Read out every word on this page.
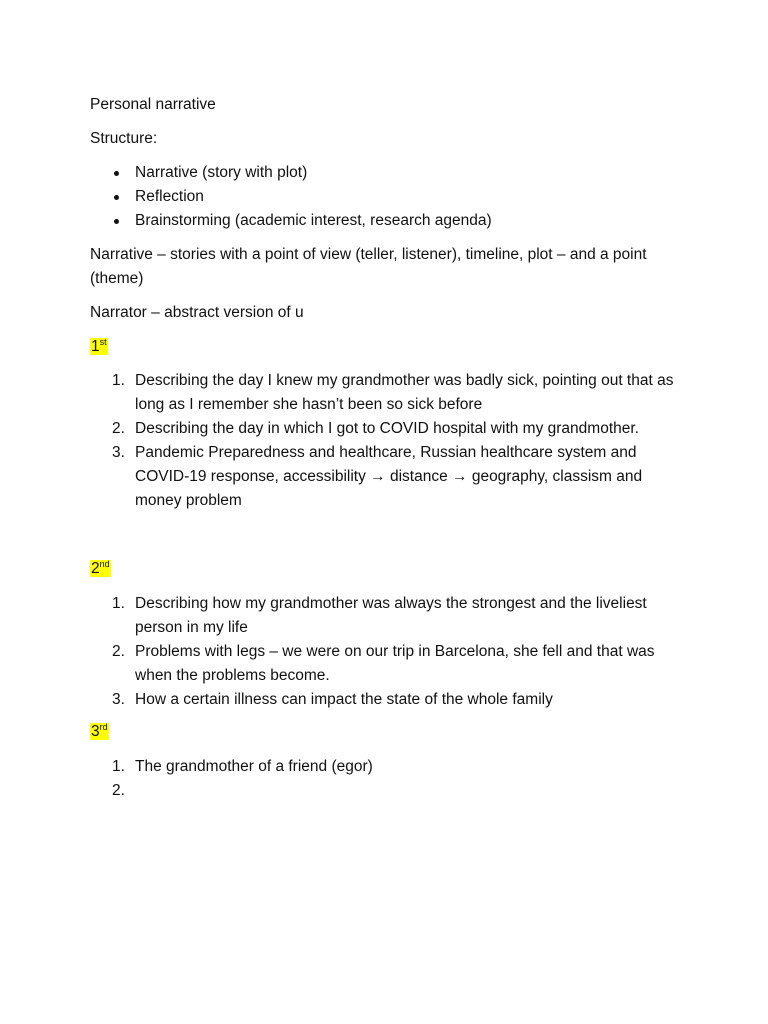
Personal narrative

Structure:

Narrative (story with plot)
Reflection
Brainstorming (academic interest, research agenda)

Narrative – stories with a point of view (teller, listener), timeline, plot – and a point (theme)

Narrator – abstract version of u

1st

1. Describing the day I knew my grandmother was badly sick, pointing out that as long as I remember she hasn’t been so sick before
2. Describing the day in which I got to COVID hospital with my grandmother.
3. Pandemic Preparedness and healthcare, Russian healthcare system and COVID-19 response, accessibility → distance → geography, classism and money problem

2nd

1. Describing how my grandmother was always the strongest and the liveliest person in my life
2. Problems with legs – we were on our trip in Barcelona, she fell and that was when the problems become.
3. How a certain illness can impact the state of the whole family

3rd

1. The grandmother of a friend (egor)
2.
